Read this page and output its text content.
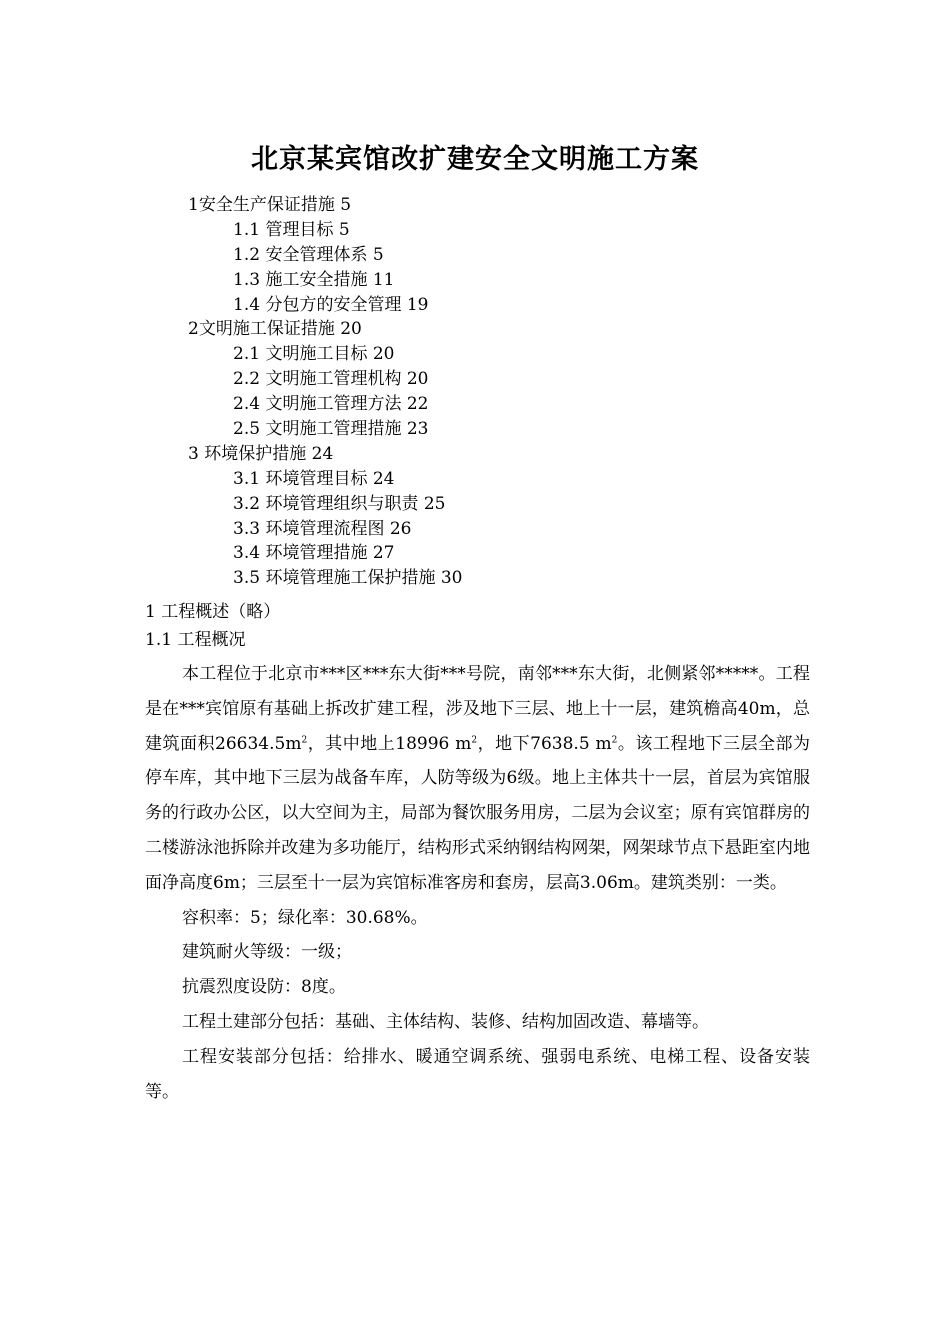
北京某宾馆改扩建安全文明施工方案
1安全生产保证措施 5
1.1 管理目标 5
1.2 安全管理体系 5
1.3 施工安全措施 11
1.4 分包方的安全管理 19
2文明施工保证措施 20
2.1 文明施工目标 20
2.2 文明施工管理机构 20
2.4 文明施工管理方法 22
2.5 文明施工管理措施 23
3 环境保护措施 24
3.1 环境管理目标 24
3.2 环境管理组织与职责 25
3.3 环境管理流程图 26
3.4 环境管理措施 27
3.5 环境管理施工保护措施 30
1 工程概述（略）
1.1 工程概况

本工程位于北京市***区***东大街***号院，南邻***东大街，北侧紧邻*****。工程是在***宾馆原有基础上拆改扩建工程，涉及地下三层、地上十一层，建筑檐高40m，总建筑面积$26634.5m^2$，其中地上18996 $m^2$，地下7638.5 $m^2$。该工程地下三层全部为停车库，其中地下三层为战备车库，人防等级为6级。地上主体共十一层，首层为宾馆服务的行政办公区，以大空间为主，局部为餐饮服务用房，二层为会议室；原有宾馆群房的二楼游泳池拆除并改建为多功能厅，结构形式采纳钢结构网架，网架球节点下悬距室内地面净高度6m；三层至十一层为宾馆标准客房和套房，层高3.06m。建筑类别：一类。

容积率：5；绿化率：30.68%。

建筑耐火等级：一级；

抗震烈度设防：8度。

工程土建部分包括：基础、主体结构、装修、结构加固改造、幕墙等。

工程安装部分包括：给排水、暖通空调系统、强弱电系统、电梯工程、设备安装等。
